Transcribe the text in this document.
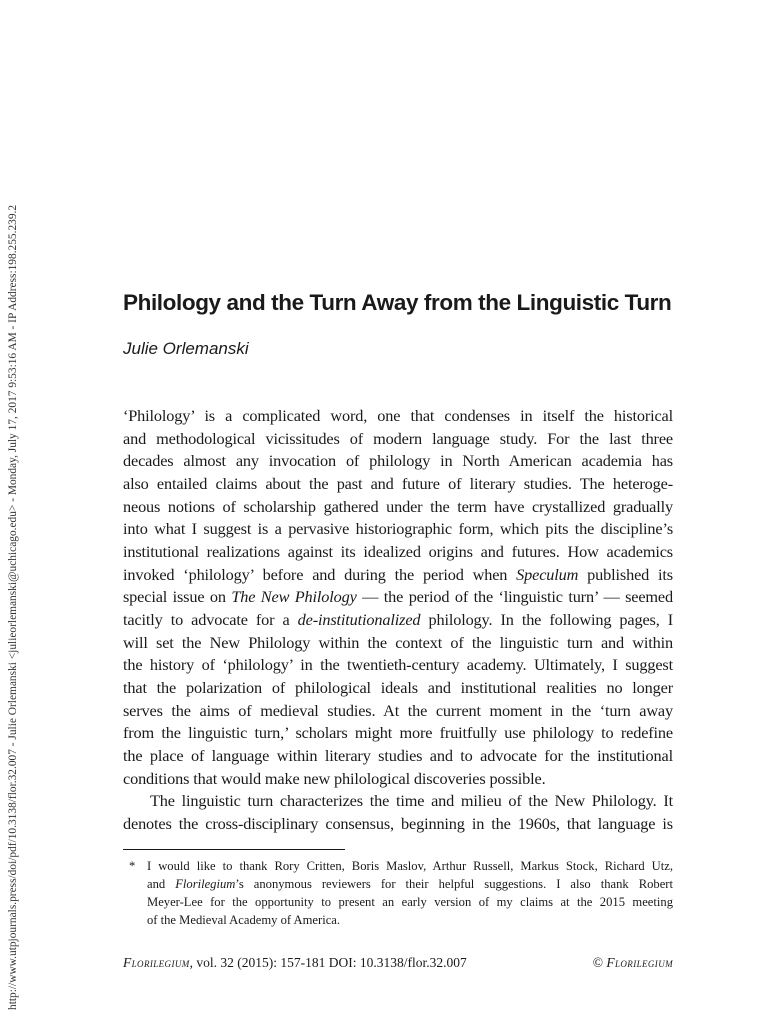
http://www.utpjournals.press/doi/pdf/10.3138/flor.32.007 - Julie Orlemanski <julieorlemanski@uchicago.edu> - Monday, July 17, 2017 9:53:16 AM - IP Address:198.255.239.2	Philology and the Turn Away from the Linguistic Turn
Julie Orlemanski
‘Philology’ is a complicated word, one that condenses in itself the historical
and methodological vicissitudes of modern language study. For the last three
decades almost any invocation of philology in North American academia has
also entailed claims about the past and future of literary studies. The heteroge-
neous notions of scholarship gathered under the term have crystallized gradually
into what I suggest is a pervasive historiographic form, which pits the discipline’s
institutional realizations against its idealized origins and futures. How academics
invoked ‘philology’ before and during the period when Speculum published its
special issue on The New Philology — the period of the ‘linguistic turn’ — seemed
tacitly to advocate for a de-institutionalized philology. In the following pages, I
will set the New Philology within the context of the linguistic turn and within
the history of ‘philology’ in the twentieth-century academy. Ultimately, I suggest
that the polarization of philological ideals and institutional realities no longer
serves the aims of medieval studies. At the current moment in the ‘turn away
from the linguistic turn,’ scholars might more fruitfully use philology to redefine
the place of language within literary studies and to advocate for the institutional
conditions that would make new philological discoveries possible.
The linguistic turn characterizes the time and milieu of the New Philology. It
denotes the cross-disciplinary consensus, beginning in the 1960s, that language is
* I would like to thank Rory Critten, Boris Maslov, Arthur Russell, Markus Stock, Richard Utz,
and Florilegium’s anonymous reviewers for their helpful suggestions. I also thank Robert
Meyer-Lee for the opportunity to present an early version of my claims at the 2015 meeting
of the Medieval Academy of America.
Florilegium, vol. 32 (2015): 157-181 DOI: 10.3138/flor.32.007	© Florilegium
